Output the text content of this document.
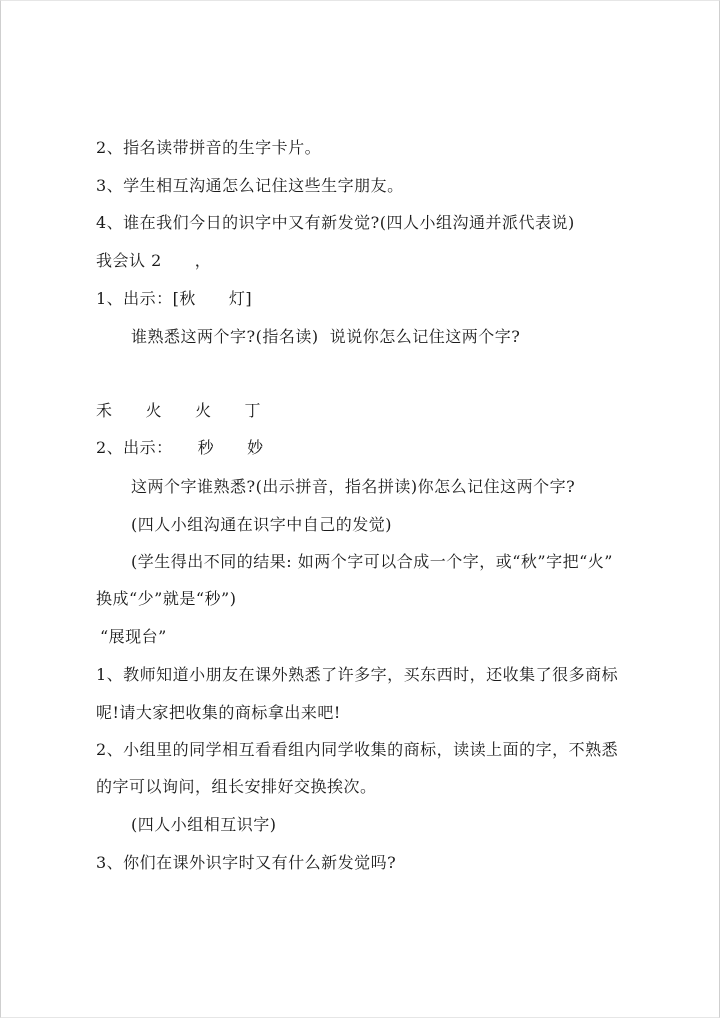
2、指名读带拼音的生字卡片。
3、学生相互沟通怎么记住这些生字朋友。
4、谁在我们今日的识字中又有新发觉?(四人小组沟通并派代表说)
我会认 2　　，
1、出示：[秋　　灯]
谁熟悉这两个字?(指名读)  说说你怎么记住这两个字?
禾　　火　　火　　丁
2、出示：　　秒　　妙
这两个字谁熟悉?(出示拼音，指名拼读)你怎么记住这两个字?
(四人小组沟通在识字中自己的发觉)
(学生得出不同的结果: 如两个字可以合成一个字，或“秋”字把“火”
换成“少”就是“秒”)
“展现台”
1、教师知道小朋友在课外熟悉了许多字，买东西时，还收集了很多商标
呢!请大家把收集的商标拿出来吧!
2、小组里的同学相互看看组内同学收集的商标，读读上面的字，不熟悉
的字可以询问，组长安排好交换挨次。
(四人小组相互识字)
3、你们在课外识字时又有什么新发觉吗?
